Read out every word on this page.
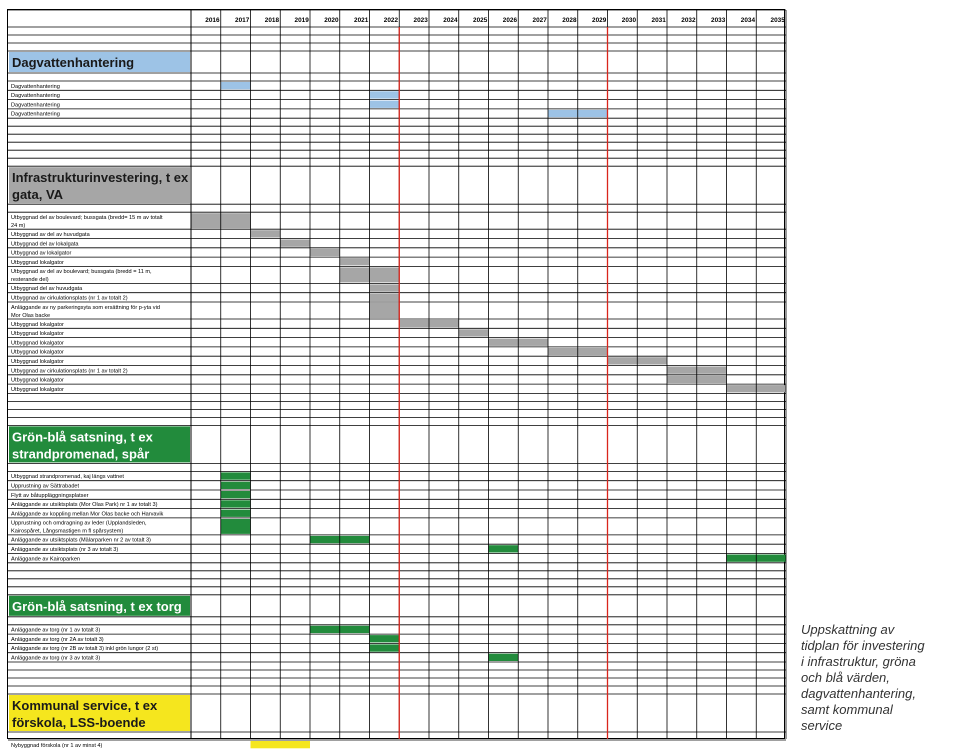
2016 2017 2018 2019 2020 2021 2022 2023 2024 2025 2026 2027 2028 2029 2030 2031 2032 2033 2034 2035
Dagvattenhantering
Dagvattenhantering
Dagvattenhantering
Dagvattenhantering
Dagvattenhantering
Infrastrukturinvestering, t ex
gata, VA
Utbyggnad del av boulevard; bussgata (bredd= 15 m av totalt
24 m)
Utbyggnad av del av huvudgata
Utbyggnad del av lokalgata
Utbyggnad av lokalgator
Utbyggnad lokalgator
Utbyggnad av del av boulevard; bussgata (bredd = 11 m,
resterande del)
Utbyggnad del av huvudgata
Utbyggnad av cirkulationsplats (nr 1 av totalt 2)
Anläggande av ny parkeringsyta som ersättning för p-yta vid
Mor Olas backe
Utbyggnad lokalgator
Utbyggnad lokalgator
Utbyggnad lokalgator
Utbyggnad lokalgator
Utbyggnad lokalgator
Utbyggnad av cirkulationsplats (nr 1 av totalt 2)
Utbyggnad lokalgator
Utbyggnad lokalgator
Grön-blå satsning, t ex
strandpromenad, spår
Utbyggnad strandpromenad, kaj längs vattnet
Upprustning av Sättrabadet
Flytt av båtuppläggningsplatser
Anläggande av utsiktsplats (Mor Olas Park) nr 1 av totalt 3)
Anläggande av koppling mellan Mor Olas backe och Harvavik
Upprustning och omdragning av leder (Upplandsleden,
Kairospåret, Långsmastigen m fl spårsystem)
Anläggande av utsiktsplats (Mälarparken nr 2 av totalt 3)
Anläggande av utsiktsplats (nr 3 av totalt 3)
Anläggande av Kairoparken
Grön-blå satsning, t ex torg
Anläggande av torg (nr 1 av totalt 3)
Anläggande av torg (nr 2A av totalt 3)
Anläggande av torg (nr 2B av totalt 3) inkl grön lungor (2 st)
Anläggande av torg (nr 3 av totalt 3)
Kommunal service, t ex
förskola, LSS-boende
Nybyggnad förskola (nr 1 av minst 4)
Uppskattning av
tidplan för investering
i infrastruktur, gröna
och blå värden,
dagvattenhantering,
samt kommunal
service
